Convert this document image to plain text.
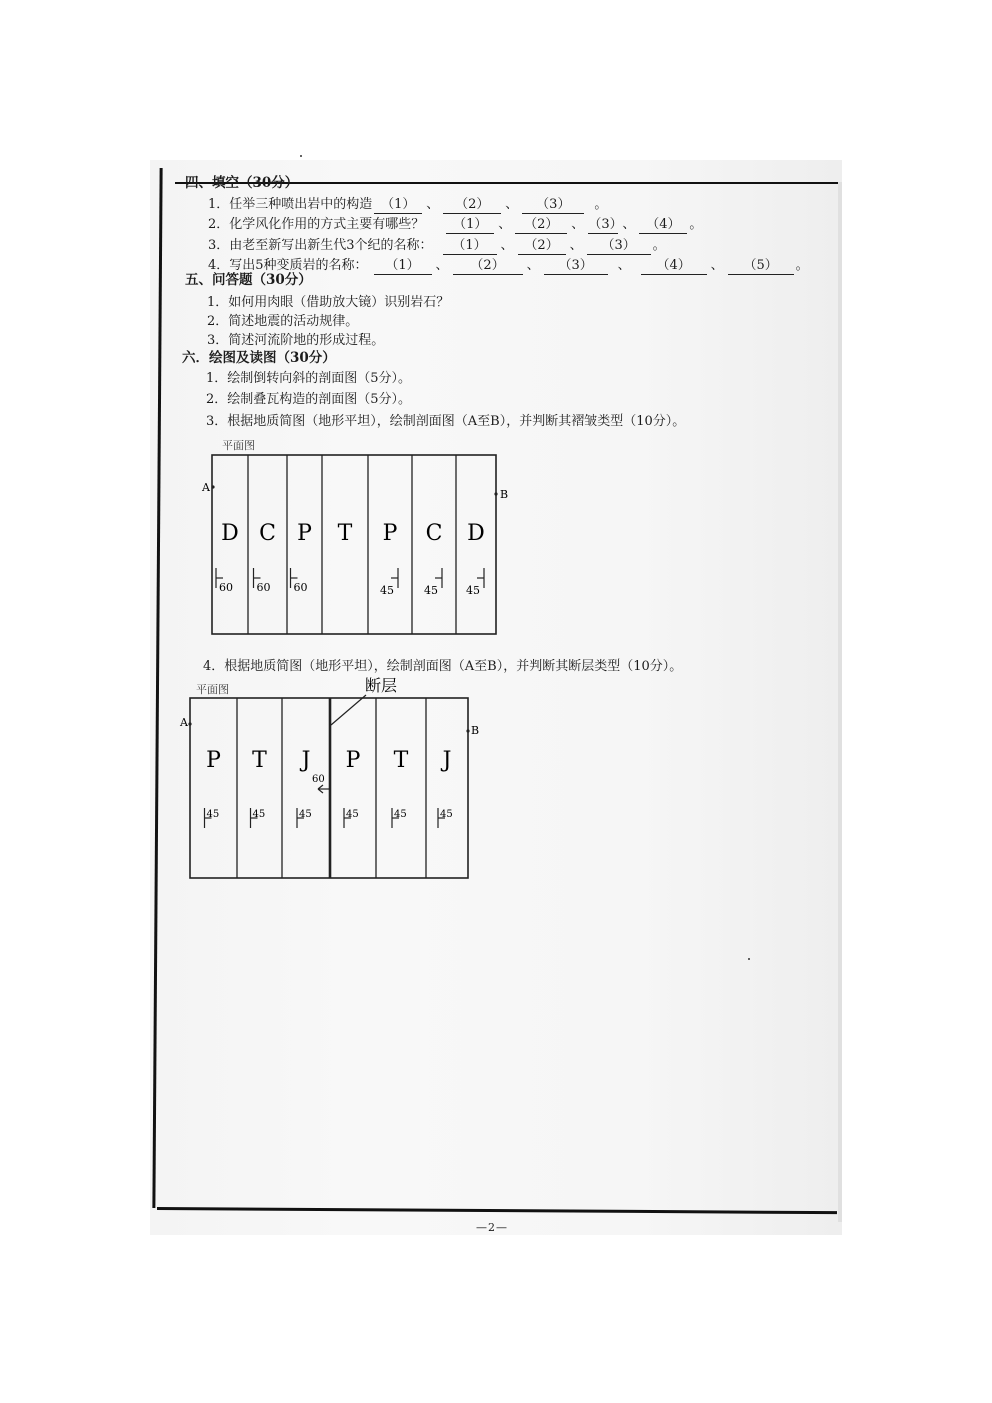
四、填空（30分）
1．任举三种喷出岩中的构造 （1） 、 （2） 、 （3） 。
2．化学风化作用的方式主要有哪些？ （1） 、 （2） 、 （3）、 （4） 。
3．由老至新写出新生代3个纪的名称： （1） 、 （2） 、 （3） 。
4．写出5种变质岩的名称： （1） 、 （2） 、 （3） 、 （4） 、 （5） 。
五、问答题（30分）
1．如何用肉眼（借助放大镜）识别岩石？
2．简述地震的活动规律。
3．简述河流阶地的形成过程。
六．绘图及读图（30分）
1．绘制倒转向斜的剖面图（5分）。
2．绘制叠瓦构造的剖面图（5分）。
3．根据地质简图（地形平坦），绘制剖面图（A至B），并判断其褶皱类型（10分）。
4．根据地质简图（地形平坦），绘制剖面图（A至B），并判断其断层类型（10分）。
平面图
A
B
D C P T P C D
60 60 60	45	45	45
平面图
A
B
断层
60
P T J P T J
45	45	45	45	45	45
—2—
